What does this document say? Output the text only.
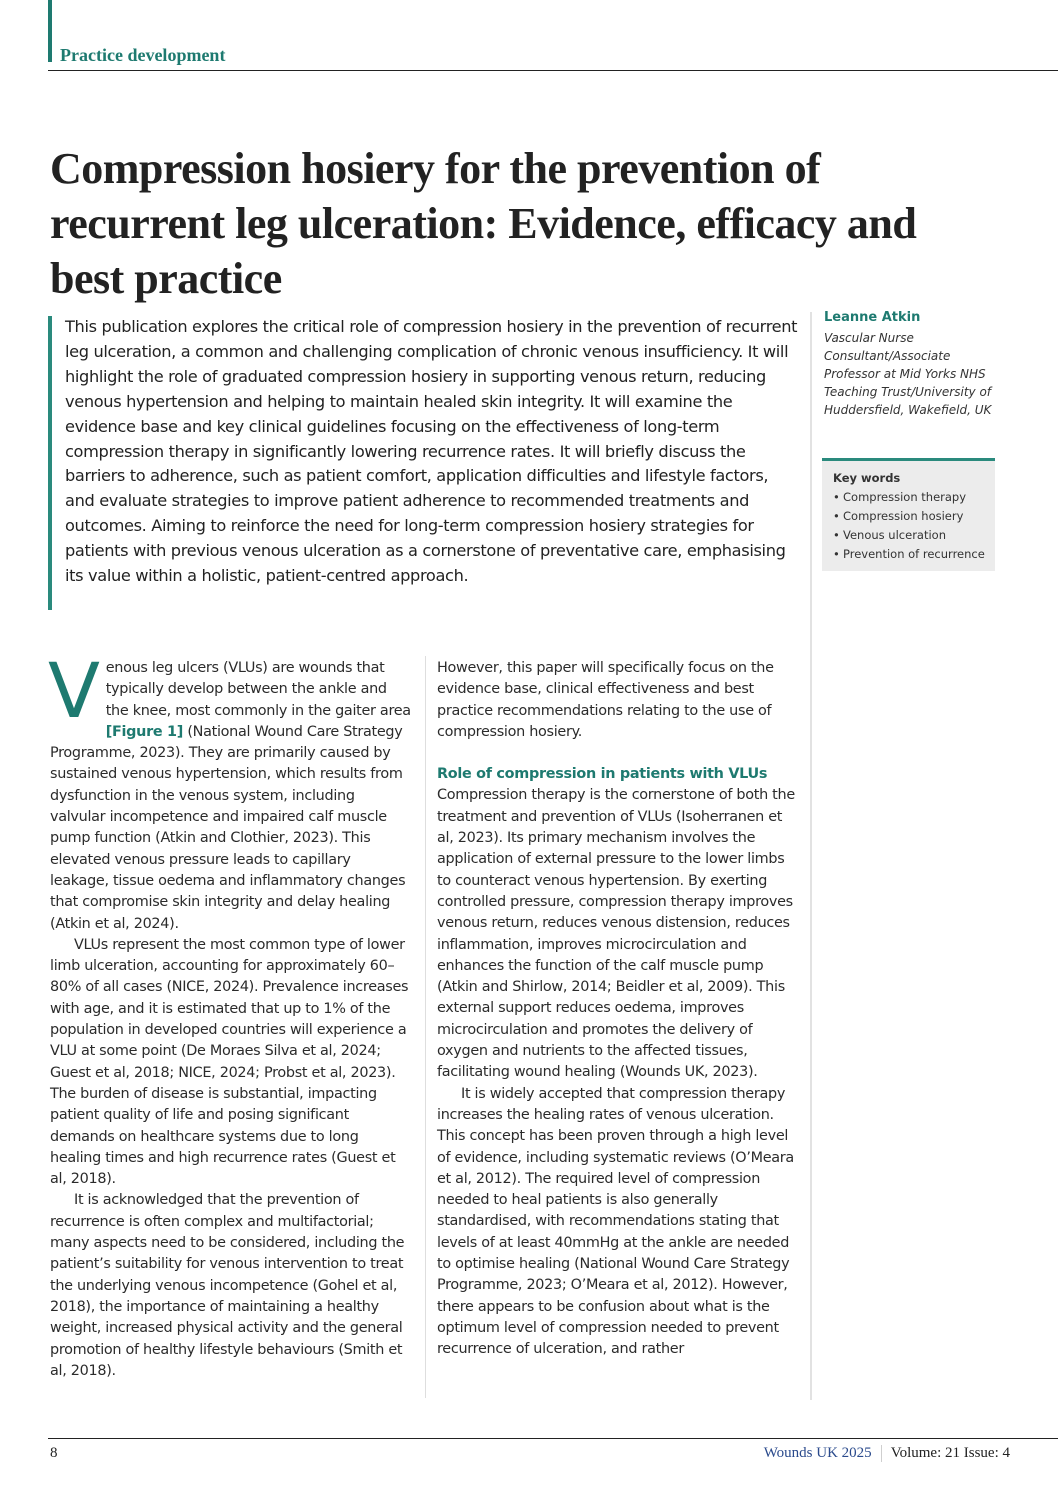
Practice development
Compression hosiery for the prevention of recurrent leg ulceration: Evidence, efficacy and best practice
This publication explores the critical role of compression hosiery in the prevention of recurrent leg ulceration, a common and challenging complication of chronic venous insufficiency. It will highlight the role of graduated compression hosiery in supporting venous return, reducing venous hypertension and helping to maintain healed skin integrity. It will examine the evidence base and key clinical guidelines focusing on the effectiveness of long-term compression therapy in significantly lowering recurrence rates. It will briefly discuss the barriers to adherence, such as patient comfort, application difficulties and lifestyle factors, and evaluate strategies to improve patient adherence to recommended treatments and outcomes. Aiming to reinforce the need for long-term compression hosiery strategies for patients with previous venous ulceration as a cornerstone of preventative care, emphasising its value within a holistic, patient-centred approach.
Leanne Atkin
Vascular Nurse Consultant/Associate Professor at Mid Yorks NHS Teaching Trust/University of Huddersfield, Wakefield, UK
Key words
• Compression therapy
• Compression hosiery
• Venous ulceration
• Prevention of recurrence

Venous leg ulcers (VLUs) are wounds that typically develop between the ankle and the knee, most commonly in the gaiter area [Figure 1] (National Wound Care Strategy Programme, 2023). They are primarily caused by sustained venous hypertension, which results from dysfunction in the venous system, including valvular incompetence and impaired calf muscle pump function (Atkin and Clothier, 2023). This elevated venous pressure leads to capillary leakage, tissue oedema and inflammatory changes that compromise skin integrity and delay healing (Atkin et al, 2024).

VLUs represent the most common type of lower limb ulceration, accounting for approximately 60–80% of all cases (NICE, 2024). Prevalence increases with age, and it is estimated that up to 1% of the population in developed countries will experience a VLU at some point (De Moraes Silva et al, 2024; Guest et al, 2018; NICE, 2024; Probst et al, 2023). The burden of disease is substantial, impacting patient quality of life and posing significant demands on healthcare systems due to long healing times and high recurrence rates (Guest et al, 2018).

It is acknowledged that the prevention of recurrence is often complex and multifactorial; many aspects need to be considered, including the patient’s suitability for venous intervention to treat the underlying venous incompetence (Gohel et al, 2018), the importance of maintaining a healthy weight, increased physical activity and the general promotion of healthy lifestyle behaviours (Smith et al, 2018).

However, this paper will specifically focus on the evidence base, clinical effectiveness and best practice recommendations relating to the use of compression hosiery.

Role of compression in patients with VLUs

Compression therapy is the cornerstone of both the treatment and prevention of VLUs (Isoherranen et al, 2023). Its primary mechanism involves the application of external pressure to the lower limbs to counteract venous hypertension. By exerting controlled pressure, compression therapy improves venous return, reduces venous distension, reduces inflammation, improves microcirculation and enhances the function of the calf muscle pump (Atkin and Shirlow, 2014; Beidler et al, 2009). This external support reduces oedema, improves microcirculation and promotes the delivery of oxygen and nutrients to the affected tissues, facilitating wound healing (Wounds UK, 2023).

It is widely accepted that compression therapy increases the healing rates of venous ulceration. This concept has been proven through a high level of evidence, including systematic reviews (O’Meara et al, 2012). The required level of compression needed to heal patients is also generally standardised, with recommendations stating that levels of at least 40mmHg at the ankle are needed to optimise healing (National Wound Care Strategy Programme, 2023; O’Meara et al, 2012). However, there appears to be confusion about what is the optimum level of compression needed to prevent recurrence of ulceration, and rather

8	Wounds UK 2025 Volume: 21 Issue: 4
